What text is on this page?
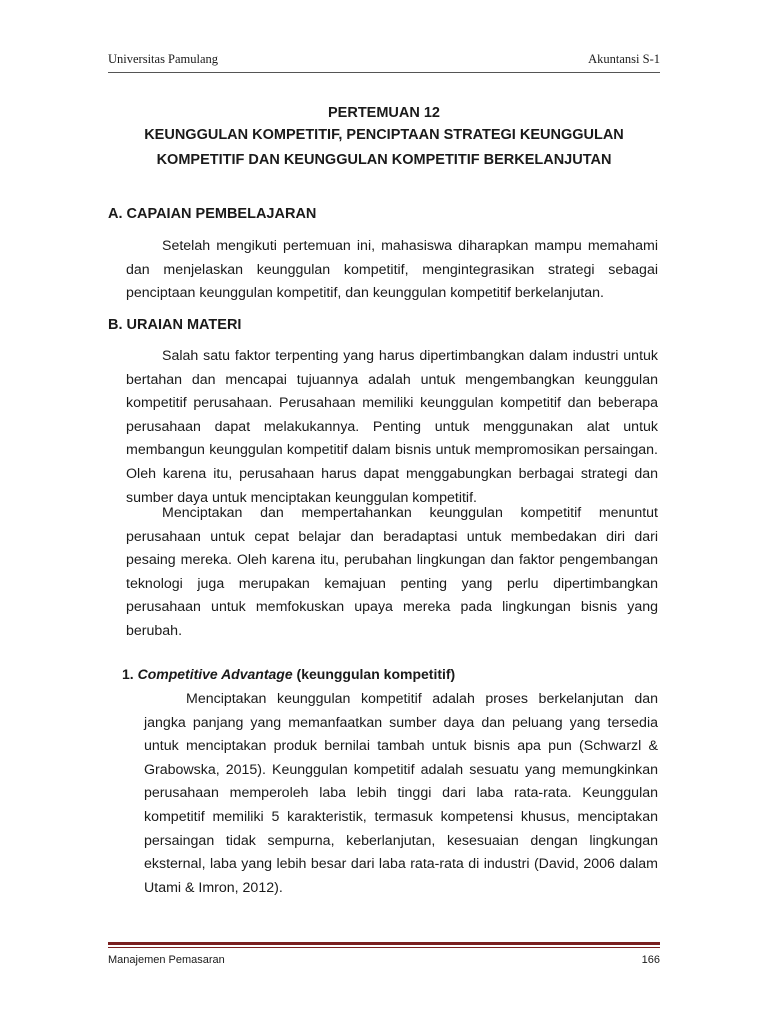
Universitas Pamulang	Akuntansi S-1
PERTEMUAN 12
KEUNGGULAN KOMPETITIF, PENCIPTAAN STRATEGI KEUNGGULAN
KOMPETITIF DAN KEUNGGULAN KOMPETITIF BERKELANJUTAN
A. CAPAIAN PEMBELAJARAN

Setelah mengikuti pertemuan ini, mahasiswa diharapkan mampu memahami dan menjelaskan keunggulan kompetitif, mengintegrasikan strategi sebagai penciptaan keunggulan kompetitif, dan keunggulan kompetitif berkelanjutan.

B. URAIAN MATERI

Salah satu faktor terpenting yang harus dipertimbangkan dalam industri untuk bertahan dan mencapai tujuannya adalah untuk mengembangkan keunggulan kompetitif perusahaan. Perusahaan memiliki keunggulan kompetitif dan beberapa perusahaan dapat melakukannya. Penting untuk menggunakan alat untuk membangun keunggulan kompetitif dalam bisnis untuk mempromosikan persaingan. Oleh karena itu, perusahaan harus dapat menggabungkan berbagai strategi dan sumber daya untuk menciptakan keunggulan kompetitif.

Menciptakan dan mempertahankan keunggulan kompetitif menuntut perusahaan untuk cepat belajar dan beradaptasi untuk membedakan diri dari pesaing mereka. Oleh karena itu, perubahan lingkungan dan faktor pengembangan teknologi juga merupakan kemajuan penting yang perlu dipertimbangkan perusahaan untuk memfokuskan upaya mereka pada lingkungan bisnis yang berubah.

1. Competitive Advantage (keunggulan kompetitif)

Menciptakan keunggulan kompetitif adalah proses berkelanjutan dan jangka panjang yang memanfaatkan sumber daya dan peluang yang tersedia untuk menciptakan produk bernilai tambah untuk bisnis apa pun (Schwarzl & Grabowska, 2015). Keunggulan kompetitif adalah sesuatu yang memungkinkan perusahaan memperoleh laba lebih tinggi dari laba rata-rata. Keunggulan kompetitif memiliki 5 karakteristik, termasuk kompetensi khusus, menciptakan persaingan tidak sempurna, keberlanjutan, kesesuaian dengan lingkungan eksternal, laba yang lebih besar dari laba rata-rata di industri (David, 2006 dalam Utami & Imron, 2012).

Manajemen Pemasaran	166
